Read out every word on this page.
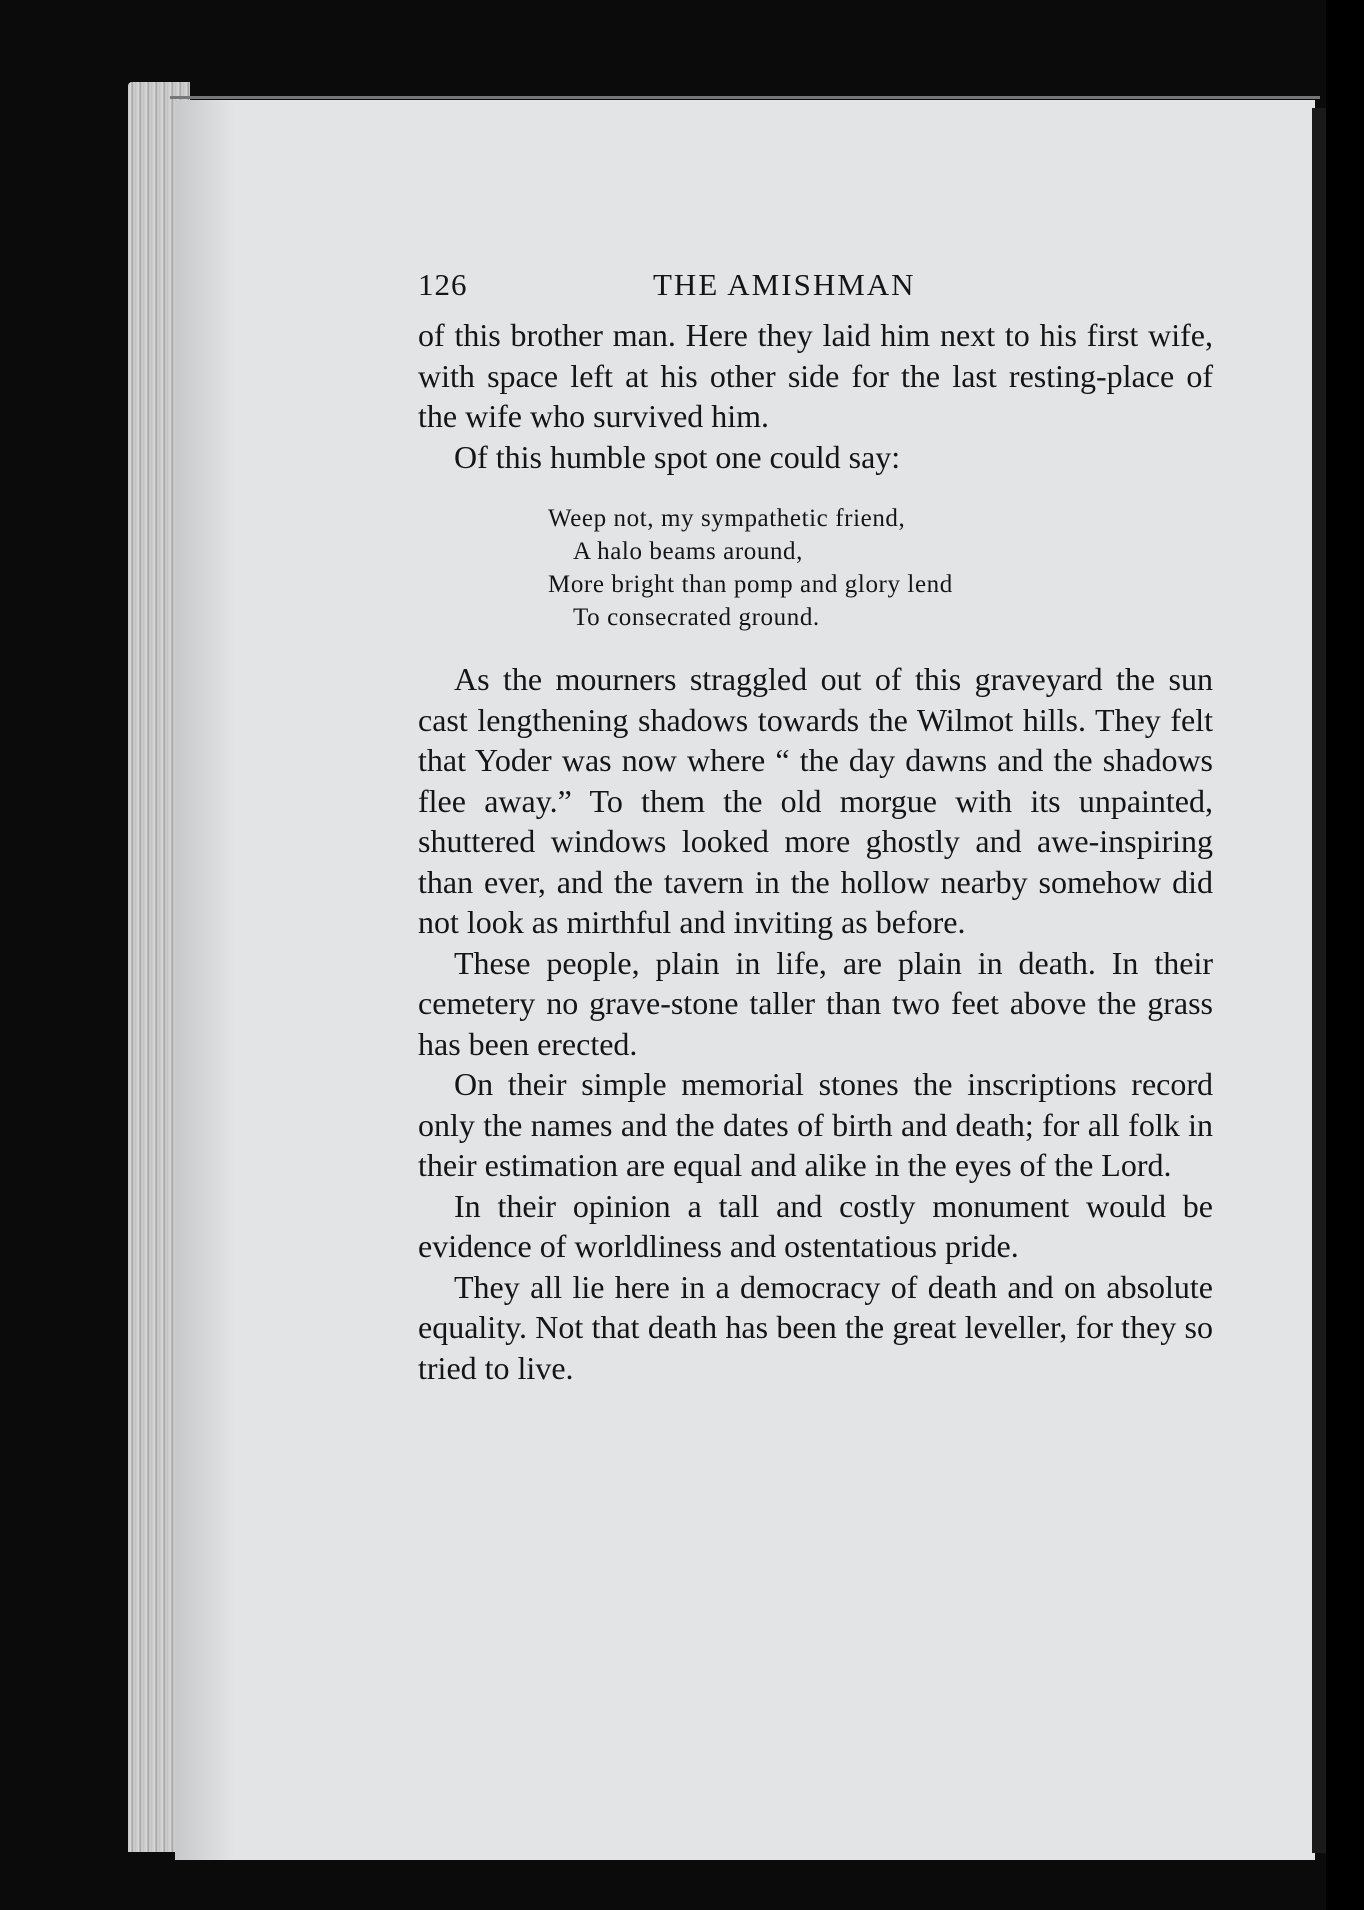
126	THE AMISHMAN

of this brother man. Here they laid him next to his first wife, with space left at his other side for the last resting-place of the wife who survived him.

Of this humble spot one could say:

Weep not, my sympathetic friend,
A halo beams around,
More bright than pomp and glory lend
To consecrated ground.

As the mourners straggled out of this graveyard the sun cast lengthening shadows towards the Wilmot hills. They felt that Yoder was now where “ the day dawns and the shadows flee away.” To them the old morgue with its unpainted, shuttered windows looked more ghostly and awe-inspiring than ever, and the tavern in the hollow nearby somehow did not look as mirthful and inviting as before.

These people, plain in life, are plain in death. In their cemetery no grave-stone taller than two feet above the grass has been erected.

On their simple memorial stones the inscriptions record only the names and the dates of birth and death; for all folk in their estimation are equal and alike in the eyes of the Lord.

In their opinion a tall and costly monument would be evidence of worldliness and ostentatious pride.

They all lie here in a democracy of death and on absolute equality. Not that death has been the great leveller, for they so tried to live.
